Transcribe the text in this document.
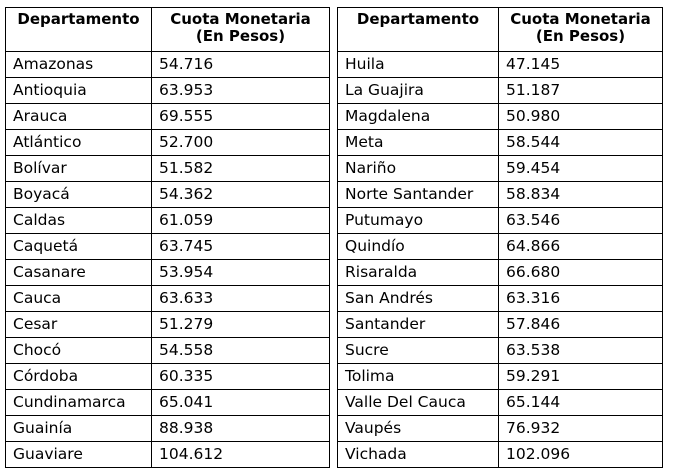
Departamento	Cuota Monetaria
(En Pesos)

Amazonas	54.716
Antioquia	63.953
Arauca	69.555
Atlántico	52.700
Bolívar	51.582
Boyacá	54.362
Caldas	61.059
Caquetá	63.745
Casanare	53.954
Cauca	63.633
Cesar	51.279
Chocó	54.558
Córdoba	60.335
Cundinamarca	65.041
Guainía	88.938
Guaviare	104.612
Departamento	Cuota Monetaria
(En Pesos)

Huila	47.145
La Guajira	51.187
Magdalena	50.980
Meta	58.544
Nariño	59.454
Norte Santander	58.834
Putumayo	63.546
Quindío	64.866
Risaralda	66.680
San Andrés	63.316
Santander	57.846
Sucre	63.538
Tolima	59.291
Valle Del Cauca	65.144
Vaupés	76.932
Vichada	102.096
